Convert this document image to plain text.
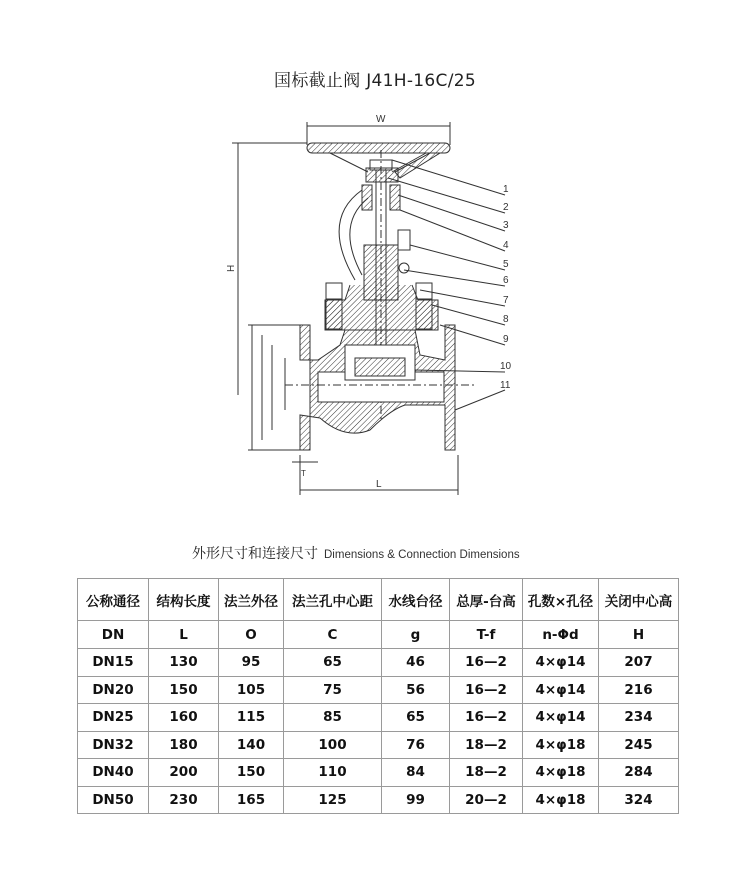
国标截止阀 J41H-16C/25
W
H
L
T
1
2
3
4
5
6
7
8
9
10
11
外形尺寸和连接尺寸 Dimensions & Connection Dimensions
公称通径	结构长度	法兰外径	法兰孔中心距	水线台径	总厚-台高	孔数×孔径	关闭中心高
DN	L	O	C	g	T-f	n-Φd	H
DN15	130	95	65	46	16—2	4×φ14	207
DN20	150	105	75	56	16—2	4×φ14	216
DN25	160	115	85	65	16—2	4×φ14	234
DN32	180	140	100	76	18—2	4×φ18	245
DN40	200	150	110	84	18—2	4×φ18	284
DN50	230	165	125	99	20—2	4×φ18	324
